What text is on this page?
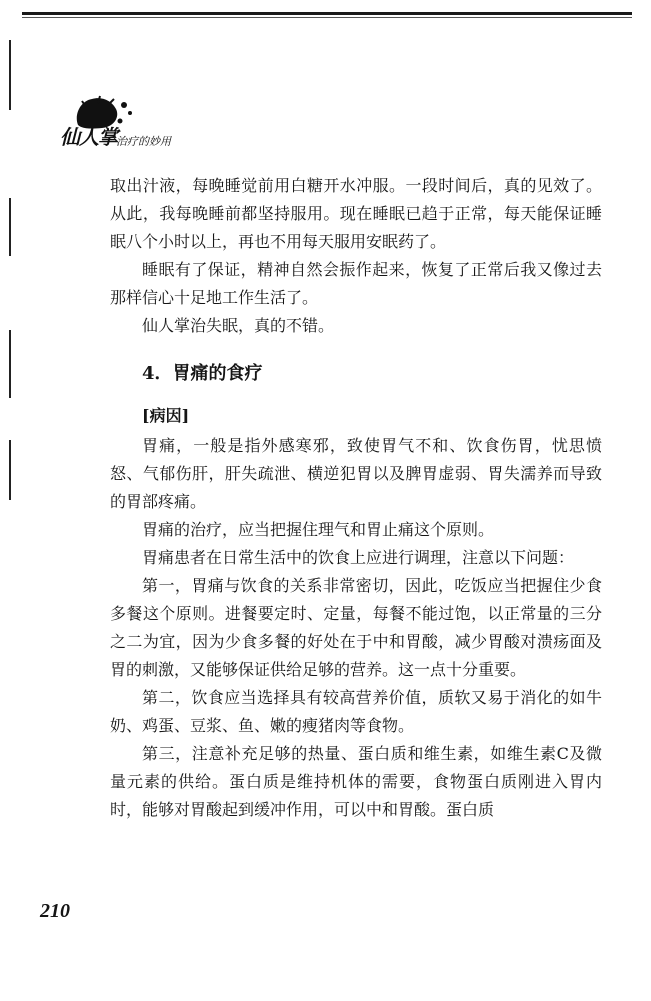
仙人掌 治疗的妙用

取出汁液，每晚睡觉前用白糖开水冲服。一段时间后，真的见效了。从此，我每晚睡前都坚持服用。现在睡眠已趋于正常，每天能保证睡眠八个小时以上，再也不用每天服用安眠药了。

睡眠有了保证，精神自然会振作起来，恢复了正常后我又像过去那样信心十足地工作生活了。

仙人掌治失眠，真的不错。

4．胃痛的食疗
[病因]

胃痛，一般是指外感寒邪，致使胃气不和、饮食伤胃，忧思愤怒、气郁伤肝，肝失疏泄、横逆犯胃以及脾胃虚弱、胃失濡养而导致的胃部疼痛。

胃痛的治疗，应当把握住理气和胃止痛这个原则。

胃痛患者在日常生活中的饮食上应进行调理，注意以下问题：

第一，胃痛与饮食的关系非常密切，因此，吃饭应当把握住少食多餐这个原则。进餐要定时、定量，每餐不能过饱，以正常量的三分之二为宜，因为少食多餐的好处在于中和胃酸，减少胃酸对溃疡面及胃的刺激，又能够保证供给足够的营养。这一点十分重要。

第二，饮食应当选择具有较高营养价值，质软又易于消化的如牛奶、鸡蛋、豆浆、鱼、嫩的瘦猪肉等食物。

第三，注意补充足够的热量、蛋白质和维生素，如维生素C及微量元素的供给。蛋白质是维持机体的需要，食物蛋白质刚进入胃内时，能够对胃酸起到缓冲作用，可以中和胃酸。蛋白质

210
